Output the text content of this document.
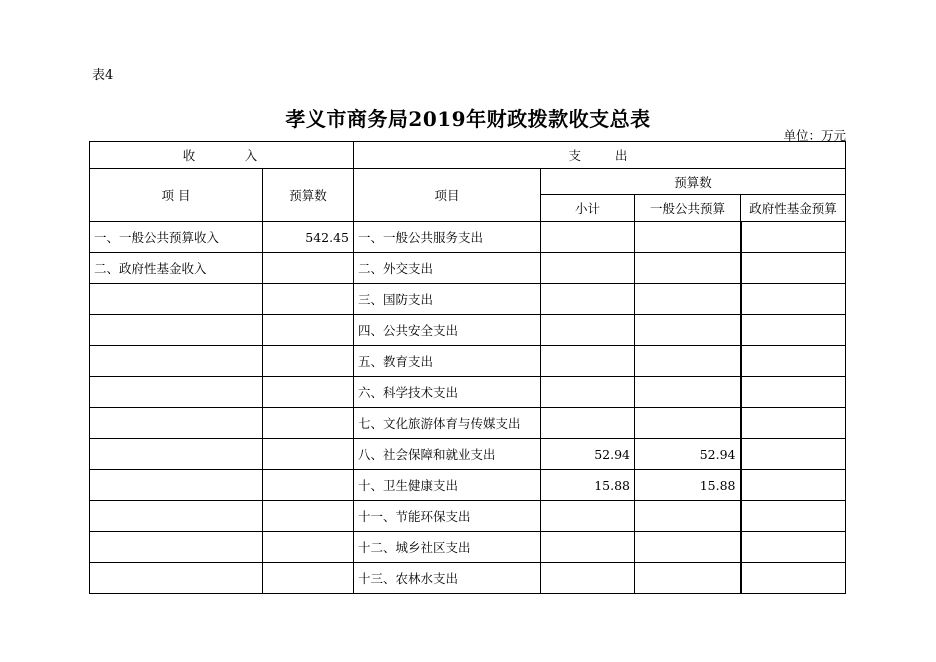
表4
孝义市商务局2019年财政拨款收支总表
单位：万元
收　　　入		支　　出			
项 目	预算数	项目	预算数		
			小计	一般公共预算	政府性基金预算
一、一般公共预算收入	542.45	一、一般公共服务支出			
二、政府性基金收入		二、外交支出			
		三、国防支出			
		四、公共安全支出			
		五、教育支出			
		六、科学技术支出			
		七、文化旅游体育与传媒支出			
		八、社会保障和就业支出	52.94	52.94	
		十、卫生健康支出	15.88	15.88	
		十一、节能环保支出			
		十二、城乡社区支出			
		十三、农林水支出			
